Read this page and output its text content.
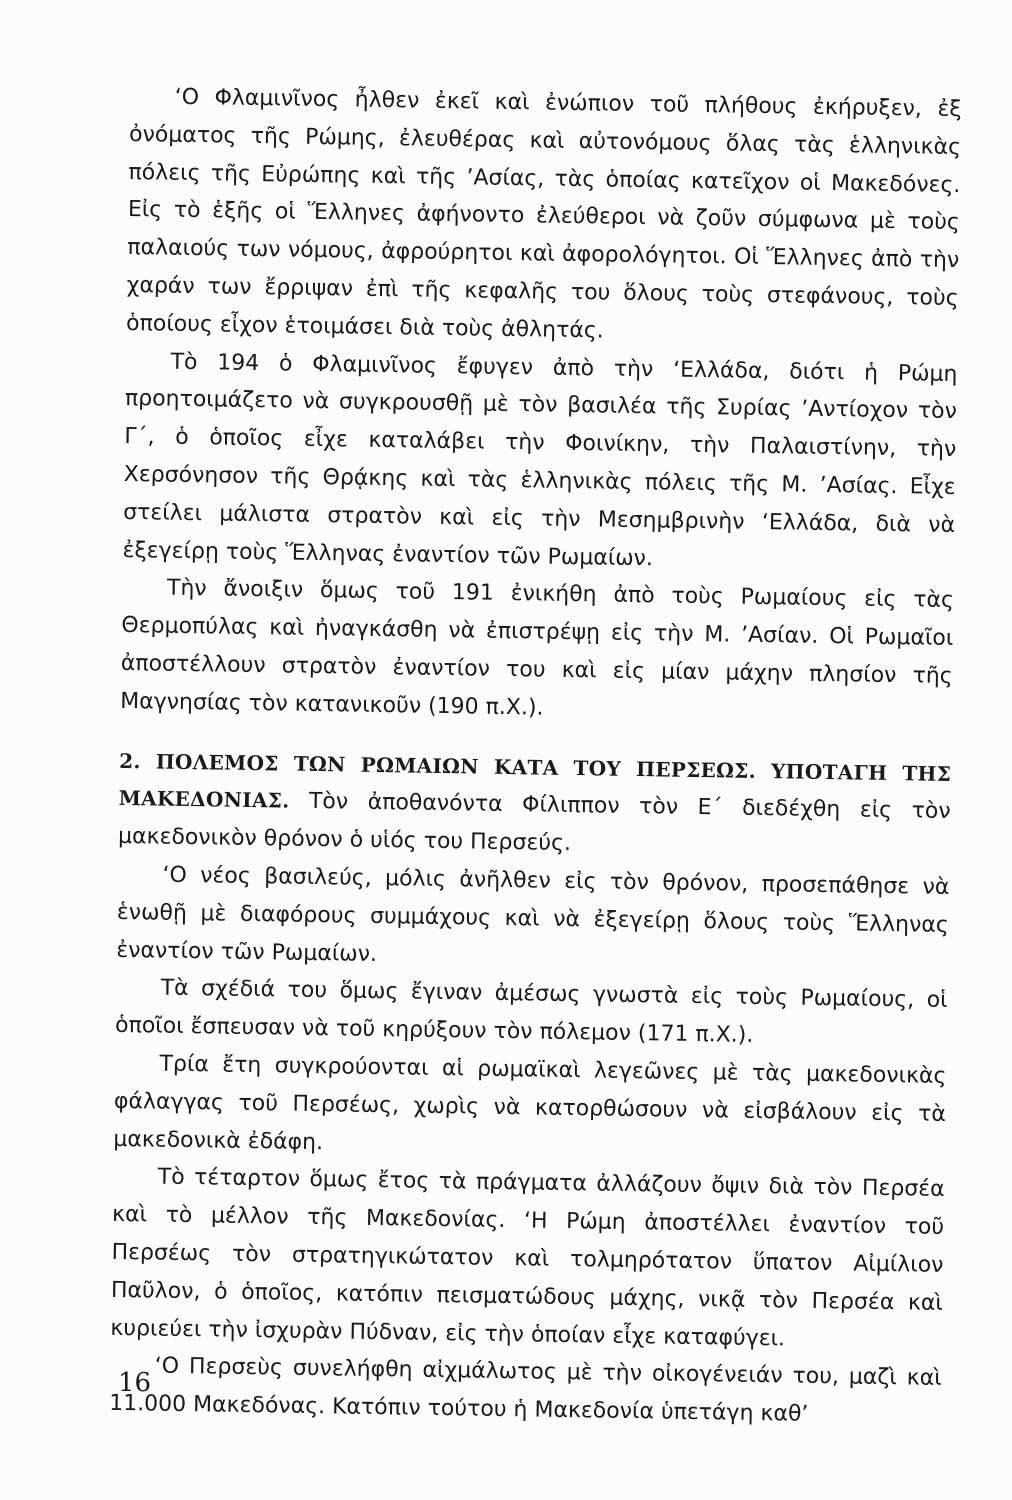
‘Ο Φλαμινῖνος ἦλθεν ἐκεῖ καὶ ἐνώπιον τοῦ πλήθους ἐκήρυξεν, ἐξ ὀνόματος τῆς Ρώμης, ἐλευθέρας καὶ αὐτονόμους ὅλας τὰς ἑλληνικὰς πόλεις τῆς Εὐρώπης καὶ τῆς ’Ασίας, τὰς ὁποίας κατεῖχον οἱ Μακεδόνες. Εἰς τὸ ἑξῆς οἱ Ἕλληνες ἀφήνοντο ἐλεύθεροι νὰ ζοῦν σύμφωνα μὲ τοὺς παλαιούς των νόμους, ἀφρούρητοι καὶ ἀφορολόγητοι. Οἱ Ἕλληνες ἀπὸ τὴν χαράν των ἔρριψαν ἐπὶ τῆς κεφαλῆς του ὅλους τοὺς στεφάνους, τοὺς ὁποίους εἶχον ἑτοιμάσει διὰ τοὺς ἀθλητάς.

Τὸ 194 ὁ Φλαμινῖνος ἔφυγεν ἀπὸ τὴν ‘Ελλάδα, διότι ἡ Ρώμη προητοιμάζετο νὰ συγκρουσθῇ μὲ τὸν βασιλέα τῆς Συρίας ’Αντίοχον τὸν Γ΄, ὁ ὁποῖος εἶχε καταλάβει τὴν Φοινίκην, τὴν Παλαιστίνην, τὴν Χερσόνησον τῆς Θρᾴκης καὶ τὰς ἑλληνικὰς πόλεις τῆς Μ. ’Ασίας. Εἶχε στείλει μάλιστα στρατὸν καὶ εἰς τὴν Μεσημβρινὴν ‘Ελλάδα, διὰ νὰ ἐξεγείρῃ τοὺς Ἕλληνας ἐναντίον τῶν Ρωμαίων.

Τὴν ἄνοιξιν ὅμως τοῦ 191 ἐνικήθη ἀπὸ τοὺς Ρωμαίους εἰς τὰς Θερμοπύλας καὶ ἠναγκάσθη νὰ ἐπιστρέψῃ εἰς τὴν Μ. ’Ασίαν. Οἱ Ρωμαῖοι ἀποστέλλουν στρατὸν ἐναντίον του καὶ εἰς μίαν μάχην πλησίον τῆς Μαγνησίας τὸν κατανικοῦν (190 π.Χ.).

2. ΠΟΛΕΜΟΣ ΤΩΝ ΡΩΜΑΙΩΝ ΚΑΤΑ ΤΟΥ ΠΕΡΣΕΩΣ. ΥΠΟΤΑΓΗ ΤΗΣ ΜΑΚΕΔΟΝΙΑΣ. Τὸν ἀποθανόντα Φίλιππον τὸν Ε΄ διεδέχθη εἰς τὸν μακεδονικὸν θρόνον ὁ υἱός του Περσεύς.

‘Ο νέος βασιλεύς, μόλις ἀνῆλθεν εἰς τὸν θρόνον, προσεπάθησε νὰ ἑνωθῇ μὲ διαφόρους συμμάχους καὶ νὰ ἐξεγείρῃ ὅλους τοὺς Ἕλληνας ἐναντίον τῶν Ρωμαίων.

Τὰ σχέδιά του ὅμως ἔγιναν ἀμέσως γνωστὰ εἰς τοὺς Ρωμαίους, οἱ ὁποῖοι ἔσπευσαν νὰ τοῦ κηρύξουν τὸν πόλεμον (171 π.Χ.).

Τρία ἔτη συγκρούονται αἱ ρωμαϊκαὶ λεγεῶνες μὲ τὰς μακεδονικὰς φάλαγγας τοῦ Περσέως, χωρὶς νὰ κατορθώσουν νὰ εἰσβάλουν εἰς τὰ μακεδονικὰ ἐδάφη.

Τὸ τέταρτον ὅμως ἔτος τὰ πράγματα ἀλλάζουν ὄψιν διὰ τὸν Περσέα καὶ τὸ μέλλον τῆς Μακεδονίας. ‘Η Ρώμη ἀποστέλλει ἐναντίον τοῦ Περσέως τὸν στρατηγικώτατον καὶ τολμηρότατον ὕπατον Αἰμίλιον Παῦλον, ὁ ὁποῖος, κατόπιν πεισματώδους μάχης, νικᾷ τὸν Περσέα καὶ κυριεύει τὴν ἰσχυρὰν Πύδναν, εἰς τὴν ὁποίαν εἶχε καταφύγει.

‘Ο Περσεὺς συνελήφθη αἰχμάλωτος μὲ τὴν οἰκογένειάν του, μαζὶ καὶ 11.000 Μακεδόνας. Κατόπιν τούτου ἡ Μακεδονία ὑπετάγη καθ’

16
